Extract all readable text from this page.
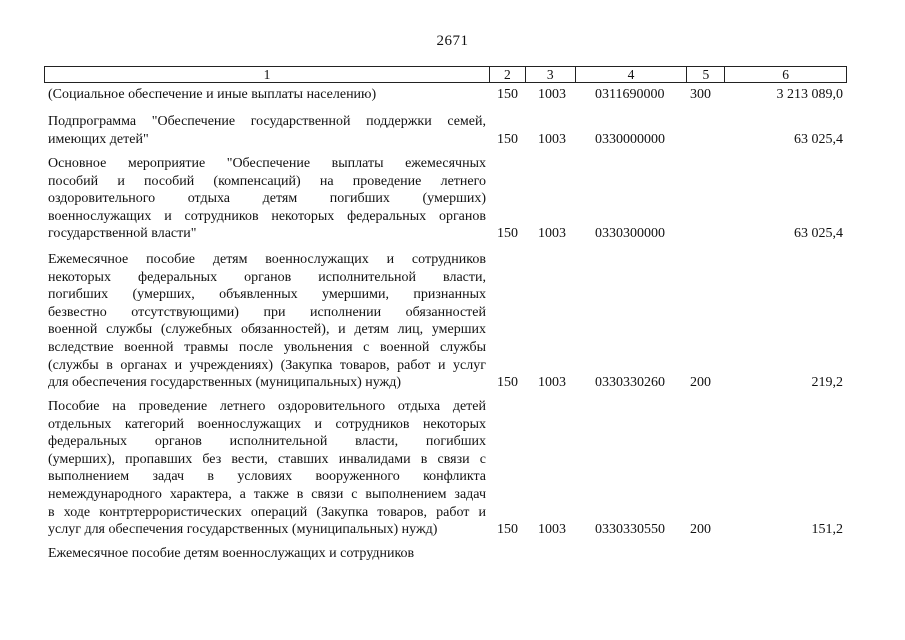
2671
1	2	3	4	5	6
(Социальное обеспечение и иные выплаты населению)	150 1003 0311690000 300	3 213 089,0
Подпрограмма "Обеспечение государственной поддержки семей,
имеющих детей"	150 1003 0330000000	63 025,4
Основное мероприятие "Обеспечение выплаты ежемесячных
пособий и пособий (компенсаций) на проведение летнего
оздоровительного отдыха детям погибших (умерших)
военнослужащих и сотрудников некоторых федеральных органов
государственной власти"	150 1003 0330300000	63 025,4
Ежемесячное пособие детям военнослужащих и сотрудников
некоторых федеральных органов исполнительной власти,
погибших (умерших, объявленных умершими, признанных
безвестно отсутствующими) при исполнении обязанностей
военной службы (служебных обязанностей), и детям лиц, умерших
вследствие военной травмы после увольнения с военной службы
(службы в органах и учреждениях) (Закупка товаров, работ и услуг
для обеспечения государственных (муниципальных) нужд)	150 1003 0330330260 200	219,2
Пособие на проведение летнего оздоровительного отдыха детей
отдельных категорий военнослужащих и сотрудников некоторых
федеральных органов исполнительной власти, погибших
(умерших), пропавших без вести, ставших инвалидами в связи с
выполнением задач в условиях вооруженного конфликта
немеждународного характера, а также в связи с выполнением задач
в ходе контртеррористических операций (Закупка товаров, работ и
услуг для обеспечения государственных (муниципальных) нужд)	150 1003 0330330550 200	151,2
Ежемесячное пособие детям военнослужащих и сотрудников
